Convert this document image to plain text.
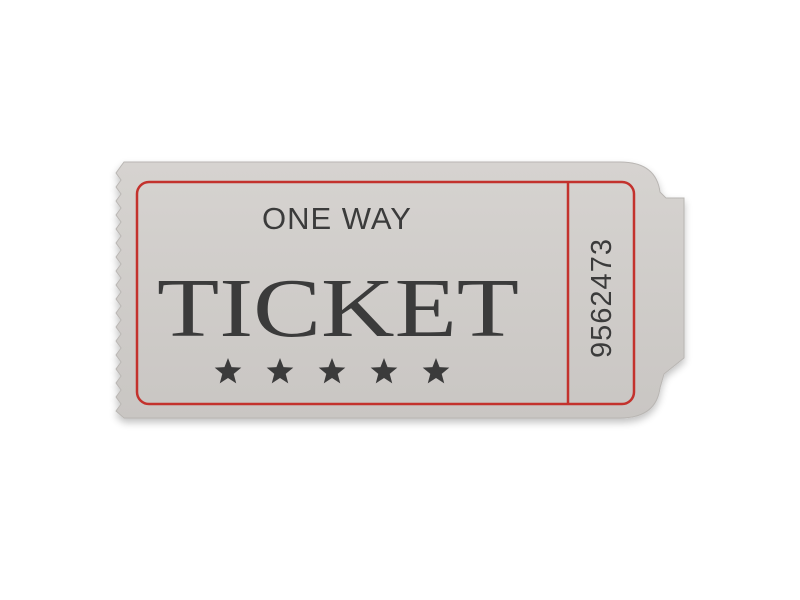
ONE WAY
TICKET 9562473
